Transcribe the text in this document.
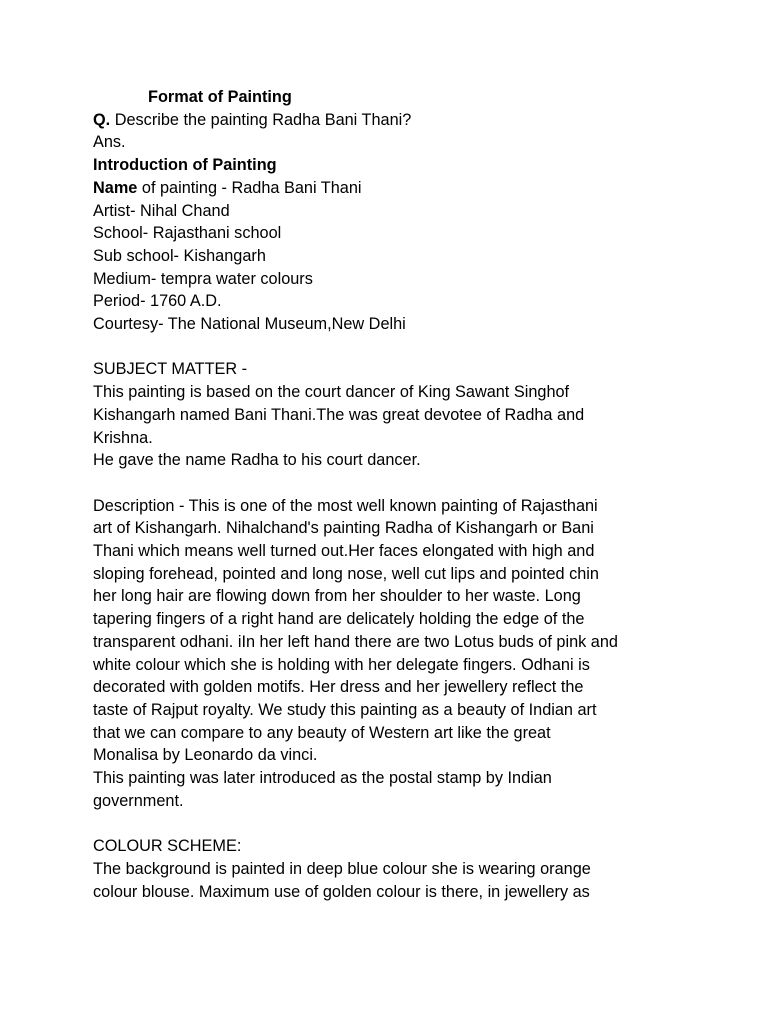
Format of Painting

Q. Describe the painting Radha Bani Thani?

Ans.

Introduction of Painting

Name of painting - Radha Bani Thani

Artist- Nihal Chand

School- Rajasthani school

Sub school- Kishangarh

Medium- tempra water colours

Period- 1760 A.D.

Courtesy- The National Museum,New Delhi

SUBJECT MATTER -

This painting is based on the court dancer of King Sawant Singhof

Kishangarh named Bani Thani.The was great devotee of Radha and

Krishna.

He gave the name Radha to his court dancer.

Description - This is one of the most well known painting of Rajasthani

art of Kishangarh. Nihalchand's painting Radha of Kishangarh or Bani

Thani which means well turned out.Her faces elongated with high and

sloping forehead, pointed and long nose, well cut lips and pointed chin

her long hair are flowing down from her shoulder to her waste. Long

tapering fingers of a right hand are delicately holding the edge of the

transparent odhani. iIn her left hand there are two Lotus buds of pink and

white colour which she is holding with her delegate fingers. Odhani is

decorated with golden motifs. Her dress and her jewellery reflect the

taste of Rajput royalty. We study this painting as a beauty of Indian art

that we can compare to any beauty of Western art like the great

Monalisa by Leonardo da vinci.

This painting was later introduced as the postal stamp by Indian

government.

COLOUR SCHEME:

The background is painted in deep blue colour she is wearing orange

colour blouse. Maximum use of golden colour is there, in jewellery as
